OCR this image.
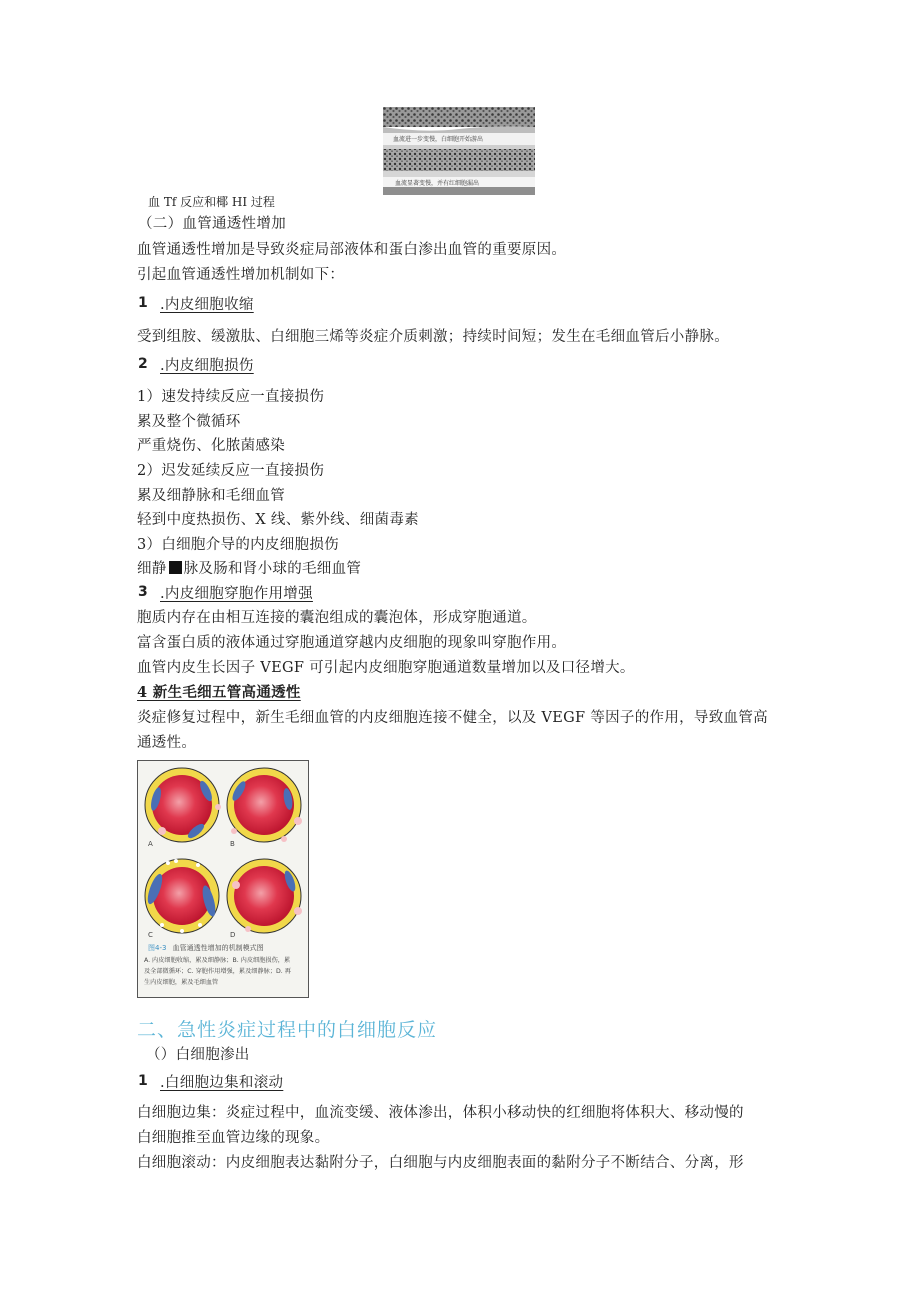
血流进一步变慢，白细胞开始游出
血流显著变慢，并有红细胞漏出
血 Tf 反应和椰 HI 过程
（二）血管通透性增加
血管通透性增加是导致炎症局部液体和蛋白渗出血管的重要原因。
引起血管通透性增加机制如下：
1 .内皮细胞收缩
受到组胺、缓激肽、白细胞三烯等炎症介质刺激；持续时间短；发生在毛细血管后小静脉。
2 .内皮细胞损伤
1）速发持续反应一直接损伤
累及整个微循环
严重烧伤、化脓菌感染
2）迟发延续反应一直接损伤
累及细静脉和毛细血管
轻到中度热损伤、X 线、紫外线、细菌毒素
3）白细胞介导的内皮细胞损伤
细静 脉及肠和肾小球的毛细血管
3 .内皮细胞穿胞作用增强
胞质内存在由相互连接的囊泡组成的囊泡体，形成穿胞通道。
富含蛋白质的液体通过穿胞通道穿越内皮细胞的现象叫穿胞作用。
血管内皮生长因子 VEGF 可引起内皮细胞穿胞通道数量增加以及口径增大。
4 新生毛细五管高通透性
炎症修复过程中，新生毛细血管的内皮细胞连接不健全，以及 VEGF 等因子的作用，导致血管高
通透性。
A	B
C	D
图4-3 血管通透性增加的机制模式图
A. 内皮细胞收缩，累及细静脉；B. 内皮细胞损伤，累
及全部微循环；C. 穿胞作用增强，累及细静脉；D. 再
生内皮细胞，累及毛细血管
二、急性炎症过程中的白细胞反应
（）白细胞渗出
1 .白细胞边集和滚动
白细胞边集：炎症过程中，血流变缓、液体渗出，体积小移动快的红细胞将体积大、移动慢的
白细胞推至血管边缘的现象。
白细胞滚动：内皮细胞表达黏附分子，白细胞与内皮细胞表面的黏附分子不断结合、分离，形
